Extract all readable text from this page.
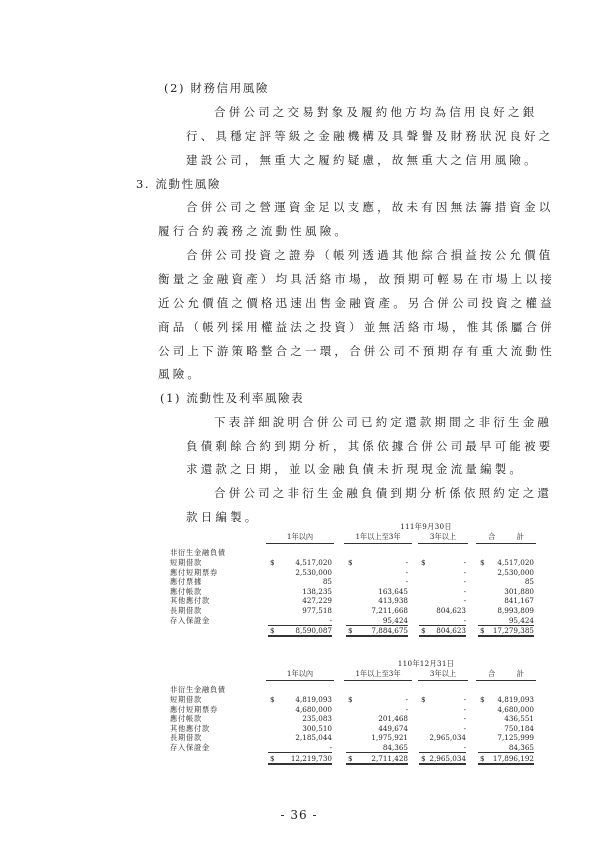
(2) 財務信用風險
合併公司之交易對象及履約他方均為信用良好之銀
行、具穩定評等級之金融機構及具聲譽及財務狀況良好之
建設公司，無重大之履約疑慮，故無重大之信用風險。
3. 流動性風險
合併公司之營運資金足以支應，故未有因無法籌措資金以
履行合約義務之流動性風險。
合併公司投資之證券（帳列透過其他綜合損益按公允價值
衡量之金融資產）均具活絡市場，故預期可輕易在市場上以接
近公允價值之價格迅速出售金融資產。另合併公司投資之權益
商品（帳列採用權益法之投資）並無活絡市場，惟其係屬合併
公司上下游策略整合之一環，合併公司不預期存有重大流動性
風險。
(1) 流動性及利率風險表
下表詳細說明合併公司已約定還款期間之非衍生金融
負債剩餘合約到期分析，其係依據合併公司最早可能被要
求還款之日期，並以金融負債未折現現金流量編製。
合併公司之非衍生金融負債到期分析係依照約定之還
款日編製。
111年9月30日
1年以內	1年以上至3年	3年以上	合　　　計
非衍生金融負債
短期借款	$	4,517,020 $	- $	- $	4,517,020
應付短期票券	2,530,000	-	-	2,530,000
應付票據	85	-	-	85
應付帳款	138,235	163,645	-	301,880
其他應付款	427,229	413,938	-	841,167
長期借款	977,518	7,211,668	804,623	8,993,809
存入保證金	-	95,424	-	95,424
$	8,590,087 $	7,884,675 $	804,623 $	17,279,385
110年12月31日
1年以內	1年以上至3年	3年以上	合　　　計
非衍生金融負債
短期借款	$	4,819,093 $	- $	- $	4,819,093
應付短期票券	4,680,000	-	-	4,680,000
應付帳款	235,083	201,468	-	436,551
其他應付款	300,510	449,674	-	750,184
長期借款	2,185,044	1,975,921	2,965,034	7,125,999
存入保證金	-	84,365	-	84,365
$	12,219,730 $	2,711,428 $ 2,965,034 $	17,896,192
- 36 -
